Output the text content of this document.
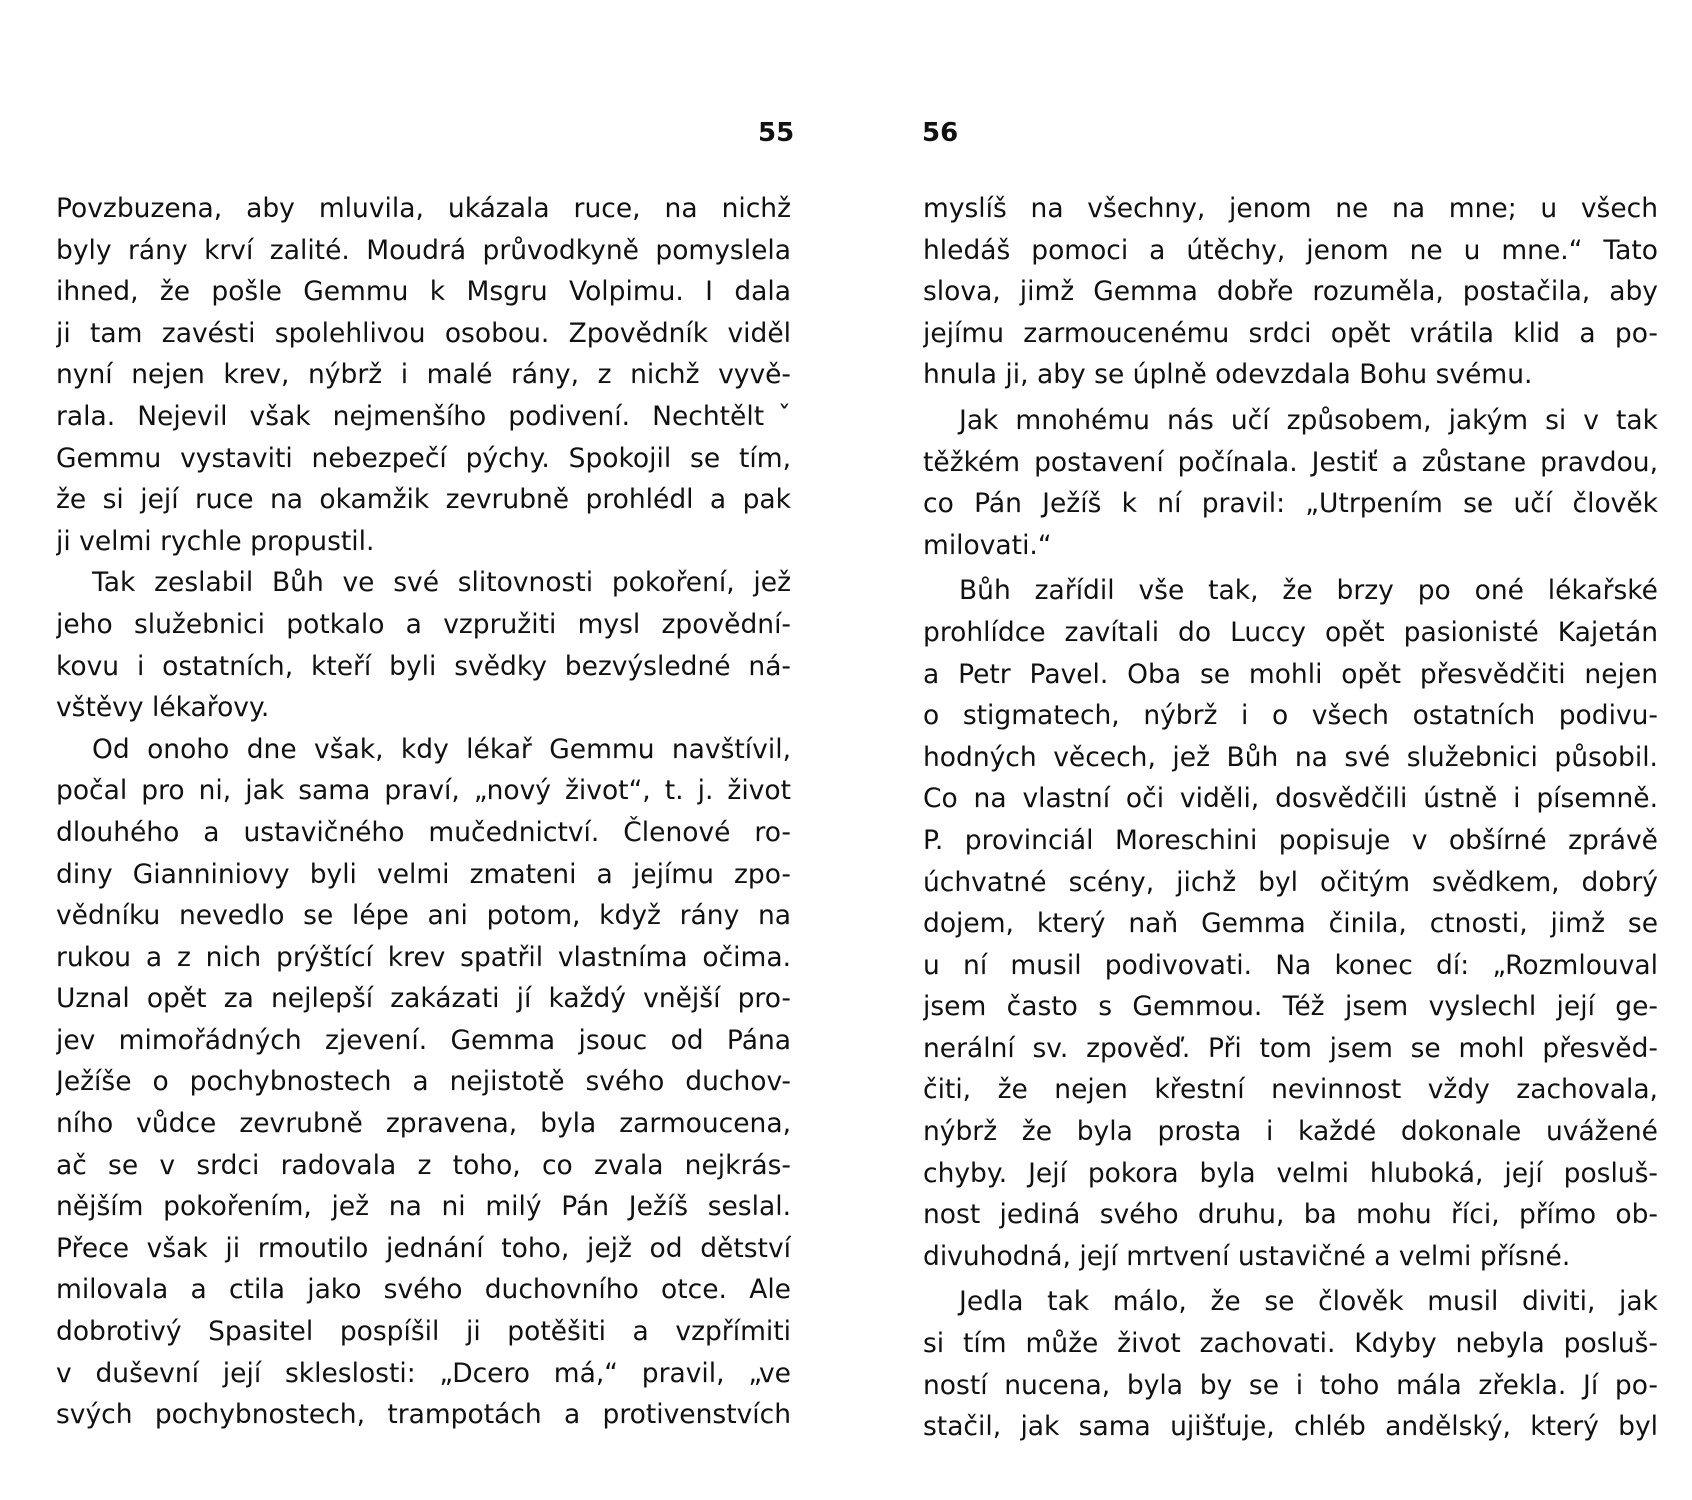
55
Povzbuzena, aby mluvila, ukázala ruce, na nichž
byly rány krví zalité. Moudrá průvodkyně pomyslela
ihned, že pošle Gemmu k Msgru Volpimu. I dala
ji tam zavésti spolehlivou osobou. Zpovědník viděl
nyní nejen krev, nýbrž i malé rány, z nichž vyvě-
rala. Nejevil však nejmenšího podivení. Nechtěltˇ
Gemmu vystaviti nebezpečí pýchy. Spokojil se tím,
že si její ruce na okamžik zevrubně prohlédl a pak
ji velmi rychle propustil.
Tak zeslabil Bůh ve své slitovnosti pokoření, jež
jeho služebnici potkalo a vzpružiti mysl zpovědní-
kovu i ostatních, kteří byli svědky bezvýsledné ná-
vštěvy lékařovy.
Od onoho dne však, kdy lékař Gemmu navštívil,
počal pro ni, jak sama praví, „nový život“, t. j. život
dlouhého a ustavičného mučednictví. Členové ro-
diny Gianniniovy byli velmi zmateni a jejímu zpo-
vědníku nevedlo se lépe ani potom, když rány na
rukou a z nich prýštící krev spatřil vlastníma očima.
Uznal opět za nejlepší zakázati jí každý vnější pro-
jev mimořádných zjevení. Gemma jsouc od Pána
Ježíše o pochybnostech a nejistotě svého duchov-
ního vůdce zevrubně zpravena, byla zarmoucena,
ač se v srdci radovala z toho, co zvala nejkrás-
nějším pokořením, jež na ni milý Pán Ježíš seslal.
Přece však ji rmoutilo jednání toho, jejž od dětství
milovala a ctila jako svého duchovního otce. Ale
dobrotivý Spasitel pospíšil ji potěšiti a vzpřímiti
v duševní její skleslosti: „Dcero má,“ pravil, „ve
svých pochybnostech, trampotách a protivenstvích
56
myslíš na všechny, jenom ne na mne; u všech
hledáš pomoci a útěchy, jenom ne u mne.“ Tato
slova, jimž Gemma dobře rozuměla, postačila, aby
jejímu zarmoucenému srdci opět vrátila klid a po-
hnula ji, aby se úplně odevzdala Bohu svému.
Jak mnohému nás učí způsobem, jakým si v tak
těžkém postavení počínala. Jestiť a zůstane pravdou,
co Pán Ježíš k ní pravil: „Utrpením se učí člověk
milovati.“
Bůh zařídil vše tak, že brzy po oné lékařské
prohlídce zavítali do Luccy opět pasionisté Kajetán
a Petr Pavel. Oba se mohli opět přesvědčiti nejen
o stigmatech, nýbrž i o všech ostatních podivu-
hodných věcech, jež Bůh na své služebnici působil.
Co na vlastní oči viděli, dosvědčili ústně i písemně.
P. provinciál Moreschini popisuje v obšírné zprávě
úchvatné scény, jichž byl očitým svědkem, dobrý
dojem, který naň Gemma činila, ctnosti, jimž se
u ní musil podivovati. Na konec dí: „Rozmlouval
jsem často s Gemmou. Též jsem vyslechl její ge-
nerální sv. zpověď. Při tom jsem se mohl přesvěd-
čiti, že nejen křestní nevinnost vždy zachovala,
nýbrž že byla prosta i každé dokonale uvážené
chyby. Její pokora byla velmi hluboká, její posluš-
nost jediná svého druhu, ba mohu říci, přímo ob-
divuhodná, její mrtvení ustavičné a velmi přísné.
Jedla tak málo, že se člověk musil diviti, jak
si tím může život zachovati. Kdyby nebyla posluš-
ností nucena, byla by se i toho mála zřekla. Jí po-
stačil, jak sama ujišťuje, chléb andělský, který byl
